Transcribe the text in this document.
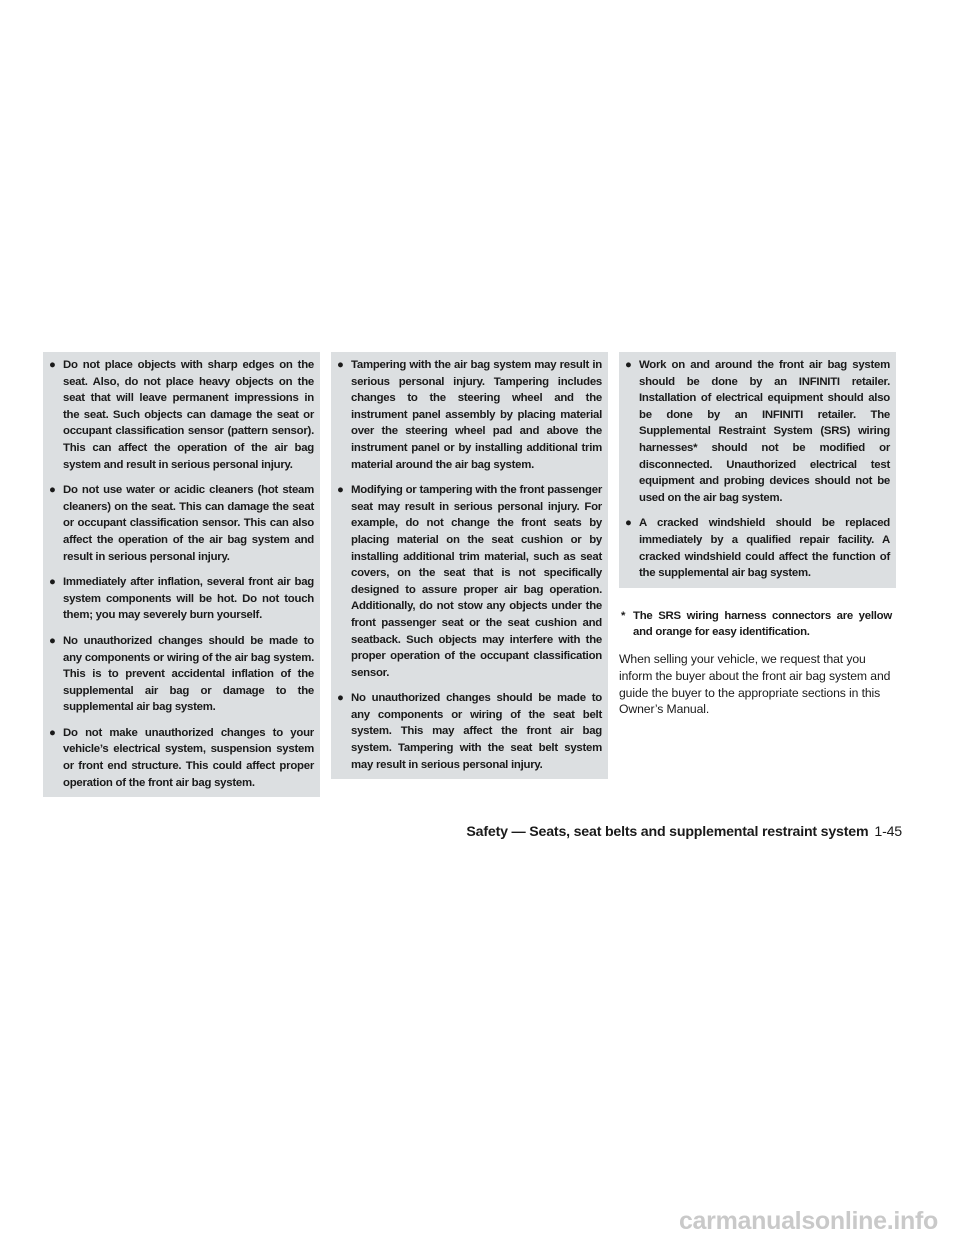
● Do not place objects with sharp edges on the seat. Also, do not place heavy objects on the seat that will leave permanent impressions in the seat. Such objects can damage the seat or occupant classification sensor (pattern sensor). This can affect the operation of the air bag system and result in serious personal injury.
● Do not use water or acidic cleaners (hot steam cleaners) on the seat. This can damage the seat or occupant classification sensor. This can also affect the operation of the air bag system and result in serious personal injury.
● Immediately after inflation, several front air bag system components will be hot. Do not touch them; you may severely burn yourself.
● No unauthorized changes should be made to any components or wiring of the air bag system. This is to prevent accidental inflation of the supplemental air bag or damage to the supplemental air bag system.
● Do not make unauthorized changes to your vehicle’s electrical system, suspension system or front end structure. This could affect proper operation of the front air bag system.
● Tampering with the air bag system may result in serious personal injury. Tampering includes changes to the steering wheel and the instrument panel assembly by placing material over the steering wheel pad and above the instrument panel or by installing additional trim material around the air bag system.
● Modifying or tampering with the front passenger seat may result in serious personal injury. For example, do not change the front seats by placing material on the seat cushion or by installing additional trim material, such as seat covers, on the seat that is not specifically designed to assure proper air bag operation. Additionally, do not stow any objects under the front passenger seat or the seat cushion and seatback. Such objects may interfere with the proper operation of the occupant classification sensor.
● No unauthorized changes should be made to any components or wiring of the seat belt system. This may affect the front air bag system. Tampering with the seat belt system may result in serious personal injury.
● Work on and around the front air bag system should be done by an INFINITI retailer. Installation of electrical equipment should also be done by an INFINITI retailer. The Supplemental Restraint System (SRS) wiring harnesses* should not be modified or disconnected. Unauthorized electrical test equipment and probing devices should not be used on the air bag system.
● A cracked windshield should be replaced immediately by a qualified repair facility. A cracked windshield could affect the function of the supplemental air bag system.
* The SRS wiring harness connectors are yellow and orange for easy identification.
When selling your vehicle, we request that you inform the buyer about the front air bag system and guide the buyer to the appropriate sections in this Owner’s Manual.
Safety — Seats, seat belts and supplemental restraint system 1-45
carmanualsonline.info
